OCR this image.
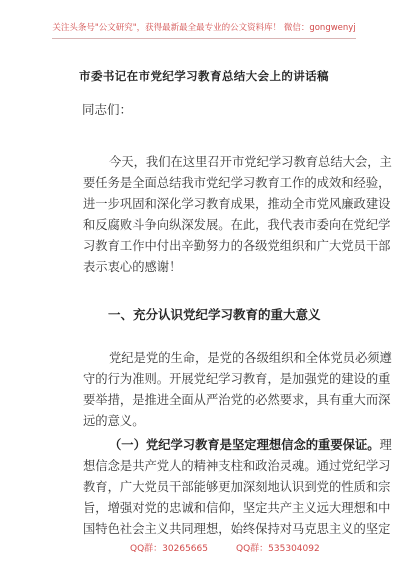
关注头条号"公文研究"，获得最新最全最专业的公文资料库！ 微信：gongwenyj
市委书记在市党纪学习教育总结大会上的讲话稿
同志们：
今天，我们在这里召开市党纪学习教育总结大会，主
要任务是全面总结我市党纪学习教育工作的成效和经验，
进一步巩固和深化学习教育成果，推动全市党风廉政建设
和反腐败斗争向纵深发展。在此，我代表市委向在党纪学
习教育工作中付出辛勤努力的各级党组织和广大党员干部
表示衷心的感谢！
一、充分认识党纪学习教育的重大意义
党纪是党的生命，是党的各级组织和全体党员必须遵
守的行为准则。开展党纪学习教育，是加强党的建设的重
要举措，是推进全面从严治党的必然要求，具有重大而深
远的意义。
（一）党纪学习教育是坚定理想信念的重要保证。理
想信念是共产党人的精神支柱和政治灵魂。通过党纪学习
教育，广大党员干部能够更加深刻地认识到党的性质和宗
旨，增强对党的忠诚和信仰，坚定共产主义远大理想和中
国特色社会主义共同理想，始终保持对马克思主义的坚定
QQ群：30265665	QQ群：535304092
